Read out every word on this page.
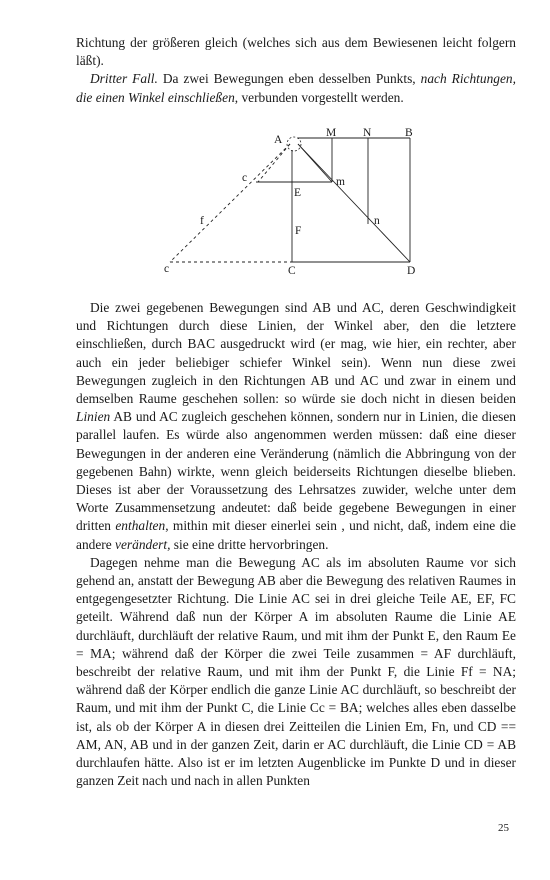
Richtung der größeren gleich (welches sich aus dem Bewiesenen leicht folgern läßt).

Dritter Fall. Da zwei Bewegungen eben desselben Punkts, nach Richtungen, die einen Winkel einschließen, verbunden vorgestellt werden.

A
M N	B
c
E
m
f
F
n
c	C	D

Die zwei gegebenen Bewegungen sind AB und AC, deren Geschwindigkeit und Richtungen durch diese Linien, der Winkel aber, den die letztere einschließen, durch BAC ausgedruckt wird (er mag, wie hier, ein rechter, aber auch ein jeder beliebiger schiefer Winkel sein). Wenn nun diese zwei Bewegungen zugleich in den Richtungen AB und AC und zwar in einem und demselben Raume geschehen sollen: so würde sie doch nicht in diesen beiden Linien AB und AC zugleich geschehen können, sondern nur in Linien, die diesen parallel laufen. Es würde also angenommen werden müssen: daß eine dieser Bewegungen in der anderen eine Veränderung (nämlich die Abbringung von der gegebenen Bahn) wirkte, wenn gleich beiderseits Richtungen dieselbe blieben. Dieses ist aber der Voraussetzung des Lehrsatzes zuwider, welche unter dem Worte Zusammensetzung andeutet: daß beide gegebene Bewegungen in einer dritten enthalten, mithin mit dieser einerlei sein , und nicht, daß, indem eine die andere verändert, sie eine dritte hervorbringen.

Dagegen nehme man die Bewegung AC als im absoluten Raume vor sich gehend an, anstatt der Bewegung AB aber die Bewegung des relativen Raumes in entgegengesetzter Richtung. Die Linie AC sei in drei gleiche Teile AE, EF, FC geteilt. Während daß nun der Körper A im absoluten Raume die Linie AE durchläuft, durchläuft der relative Raum, und mit ihm der Punkt E, den Raum Ee = MA; während daß der Körper die zwei Teile zusammen = AF durchläuft, beschreibt der relative Raum, und mit ihm der Punkt F, die Linie Ff = NA; während daß der Körper endlich die ganze Linie AC durchläuft, so beschreibt der Raum, und mit ihm der Punkt C, die Linie Cc = BA; welches alles eben dasselbe ist, als ob der Körper A in diesen drei Zeitteilen die Linien Em, Fn, und CD == AM, AN, AB und in der ganzen Zeit, darin er AC durchläuft, die Linie CD = AB durchlaufen hätte. Also ist er im letzten Augenblicke im Punkte D und in dieser ganzen Zeit nach und nach in allen Punkten

25
